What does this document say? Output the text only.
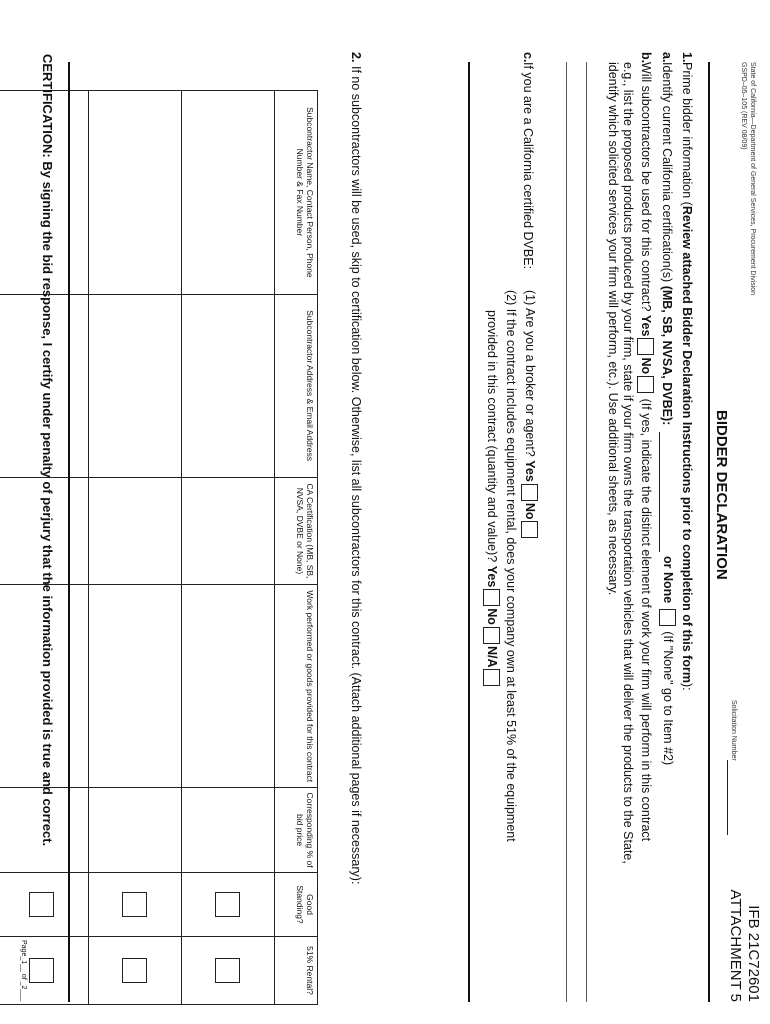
State of California—Department of General Services, Procurement Division
GSPD–05–105 (REV 08/09)
IFB 21C72601
ATTACHMENT 5
Solicitation Number
BIDDER DECLARATION
1.
Prime bidder information (Review attached Bidder Declaration Instructions prior to completion of this form):
a.
Identify current California certification(s) (MB, SB, NVSA, DVBE):
or None  (If "None" go to Item #2)
b.
Will subcontractors be used for this contract? YesNo (If yes, indicate the distinct element of work your firm will perform in this contract
e.g., list the proposed products produced by your firm, state if your firm owns the transportation vehicles that will deliver the products to the State,
identify which solicited services your firm will perform, etc.). Use additional sheets, as necessary.
c.
If you are a California certified DVBE:
(1) Are you a broker or agent? YesNo
(2) If the contract includes equipment rental, does your company own at least 51% of the equipment
provided in this contract (quantity and value)? YesNoN/A
2.
If no subcontractors will be used, skip to certification below. Otherwise, list all subcontractors for this contract. (Attach additional pages if necessary):
Subcontractor Name, Contact Person, Phone Number & Fax Number	Subcontractor Address & Email Address	CA Certification (MB, SB, NVSA, DVBE or None)	Work performed or goods provided for this contract	Corresponding % of bid price	Good Standing?	51% Rental?

CERTIFICATION: By signing the bid response, I certify under penalty of perjury that the information provided is true and correct.
Page_1__ of _2___
